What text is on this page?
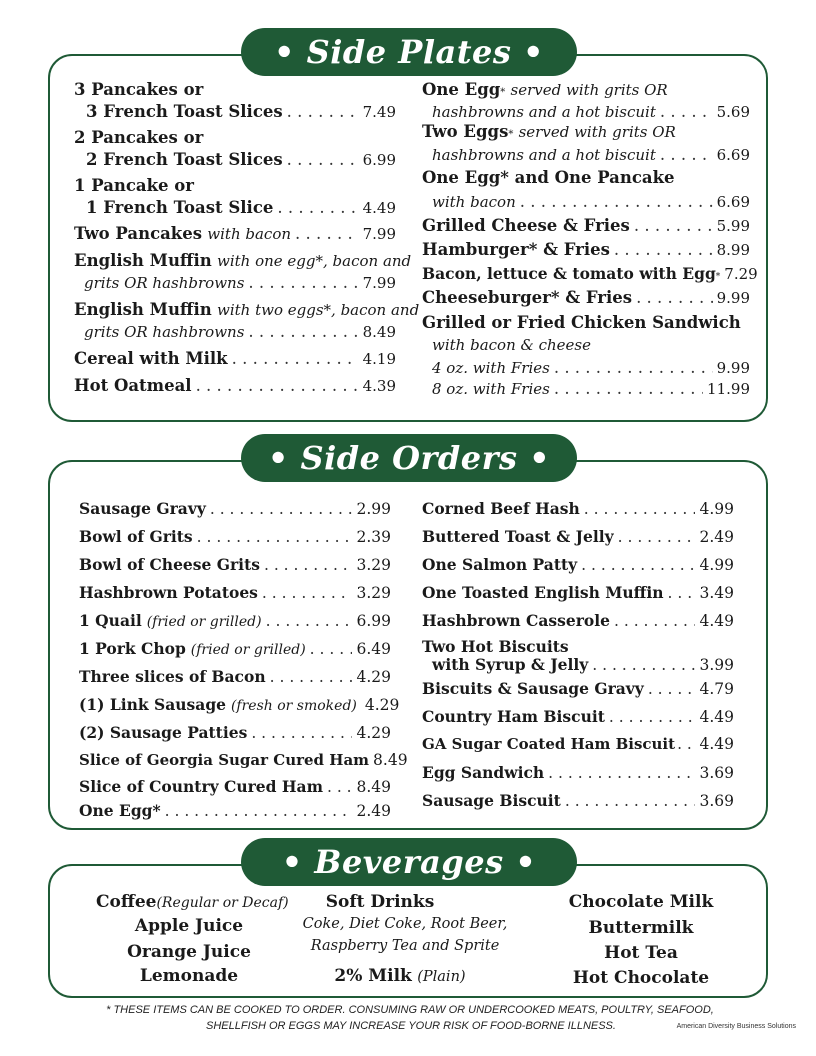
• Side Plates •
3 Pancakes or
3 French Toast Slices . . .	7.49
2 Pancakes or
2 French Toast Slices . . .	6.99
1 Pancake or
1 French Toast Slice . . .	4.49
Two Pancakes
with bacon . . .	7.99
English Muffin
with one egg*, bacon and
grits OR hashbrowns . . .	7.99
English Muffin
with two eggs*, bacon and
grits OR hashbrowns . . .	8.49
Cereal with Milk . . .	4.19
Hot Oatmeal . . .	4.39
One Egg *
served with grits OR
hashbrowns and a hot biscuit . . .	5.69
Two Eggs *
served with grits OR
hashbrowns and a hot biscuit . . .	6.69
One Egg* and One Pancake
with bacon . . .	6.69
Grilled Cheese & Fries . . .	5.99
Hamburger* & Fries . . .	8.99
Bacon, lettuce & tomato with Egg$_*$ 7.29
Cheeseburger* & Fries . . .	9.99
Grilled or Fried Chicken Sandwich
with bacon & cheese
4 oz. with Fries . . .	9.99
8 oz. with Fries . . .	11.99
• Side Orders •
Sausage Gravy . . .	2.99
Bowl of Grits . . .	2.39
Bowl of Cheese Grits . . .	3.29
Hashbrown Potatoes . . .	3.29
1 Quail
(fried or grilled) . . .	6.99
1 Pork Chop
(fried or grilled) . . .	6.49
Three slices of Bacon . . .	4.29
(1) Link Sausage
(fresh or smoked) 4.29
(2) Sausage Patties . . .	4.29
Slice of Georgia Sugar Cured Ham 8.49
Slice of Country Cured Ham . . . 8.49
One Egg* . . .	2.49
Corned Beef Hash . . .	4.99
Buttered Toast & Jelly . . .	2.49
One Salmon Patty . . .	4.99
One Toasted English Muffin . . . 3.49
Hashbrown Casserole . . .	4.49
Two Hot Biscuits
with Syrup & Jelly . . .	3.99
Biscuits & Sausage Gravy . . .	4.79
Country Ham Biscuit . . .	4.49
GA Sugar Coated Ham Biscuit . . . 4.49
Egg Sandwich . . .	3.69
Sausage Biscuit . . .	3.69
• Beverages •
Coffee(Regular or Decaf)
Apple Juice
Orange Juice
Lemonade
Soft Drinks
Coke, Diet Coke, Root Beer,
Raspberry Tea and Sprite
2% Milk (Plain)
Chocolate Milk
Buttermilk
Hot Tea
Hot Chocolate
* THESE ITEMS CAN BE COOKED TO ORDER. CONSUMING RAW OR UNDERCOOKED MEATS, POULTRY, SEAFOOD,
SHELLFISH OR EGGS MAY INCREASE YOUR RISK OF FOOD-BORNE ILLNESS.	American Diversity Business Solutions
